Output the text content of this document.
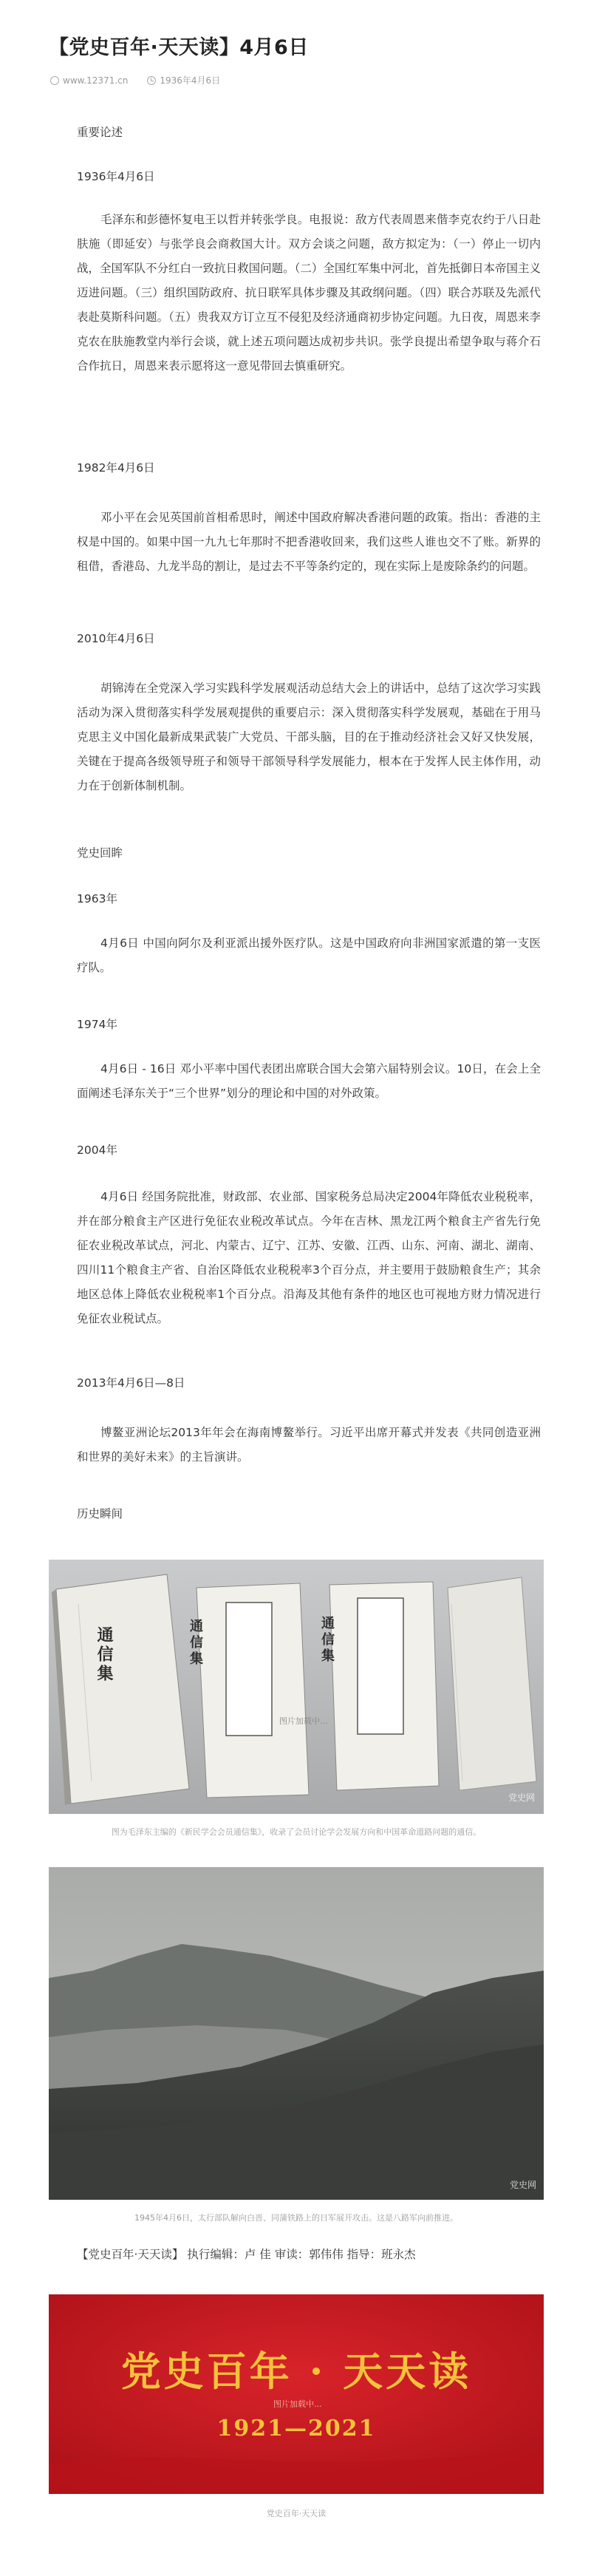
【党史百年·天天读】4月6日
www.12371.cn	1936年4月6日
重要论述
1936年4月6日
毛泽东和彭德怀复电王以哲并转张学良。电报说：敌方代表周恩来偕李克农约于八日赴肤施（即延安）与张学良会商救国大计。双方会谈之问题，敌方拟定为：（一）停止一切内战，全国军队不分红白一致抗日救国问题。（二）全国红军集中河北，首先抵御日本帝国主义迈进问题。（三）组织国防政府、抗日联军具体步骤及其政纲问题。（四）联合苏联及先派代表赴莫斯科问题。（五）贵我双方订立互不侵犯及经济通商初步协定问题。九日夜，周恩来李克农在肤施教堂内举行会谈，就上述五项问题达成初步共识。张学良提出希望争取与蒋介石合作抗日，周恩来表示愿将这一意见带回去慎重研究。
1982年4月6日
邓小平在会见英国前首相希思时，阐述中国政府解决香港问题的政策。指出：香港的主权是中国的。如果中国一九九七年那时不把香港收回来，我们这些人谁也交不了账。新界的租借，香港岛、九龙半岛的割让，是过去不平等条约定的，现在实际上是废除条约的问题。
2010年4月6日
胡锦涛在全党深入学习实践科学发展观活动总结大会上的讲话中，总结了这次学习实践活动为深入贯彻落实科学发展观提供的重要启示：深入贯彻落实科学发展观，基础在于用马克思主义中国化最新成果武装广大党员、干部头脑，目的在于推动经济社会又好又快发展，关键在于提高各级领导班子和领导干部领导科学发展能力，根本在于发挥人民主体作用，动力在于创新体制机制。
党史回眸
1963年
4月6日 中国向阿尔及利亚派出援外医疗队。这是中国政府向非洲国家派遣的第一支医疗队。
1974年
4月6日 - 16日 邓小平率中国代表团出席联合国大会第六届特别会议。10日，在会上全面阐述毛泽东关于“三个世界”划分的理论和中国的对外政策。
2004年
4月6日 经国务院批准，财政部、农业部、国家税务总局决定2004年降低农业税税率，并在部分粮食主产区进行免征农业税改革试点。今年在吉林、黑龙江两个粮食主产省先行免征农业税改革试点，河北、内蒙古、辽宁、江苏、安徽、江西、山东、河南、湖北、湖南、四川11个粮食主产省、自治区降低农业税税率3个百分点，并主要用于鼓励粮食生产；其余地区总体上降低农业税税率1个百分点。沿海及其他有条件的地区也可视地方财力情况进行免征农业税试点。
2013年4月6日—8日
博鳌亚洲论坛2013年年会在海南博鳌举行。习近平出席开幕式并发表《共同创造亚洲和世界的美好未来》的主旨演讲。
历史瞬间
通信集	通信集	通信集
图片加载中...
党史网
图为毛泽东主编的《新民学会会员通信集》，收录了会员讨论学会发展方向和中国革命道路问题的通信。
党史网
1945年4月6日，太行部队解向白晋、同蒲铁路上的日军展开攻击。这是八路军向前推进。
【党史百年·天天读】 执行编辑：卢 佳 审读：郭伟伟 指导：班永杰
党史百年 · 天天读
1921—2021
图片加载中...
党史百年·天天读
